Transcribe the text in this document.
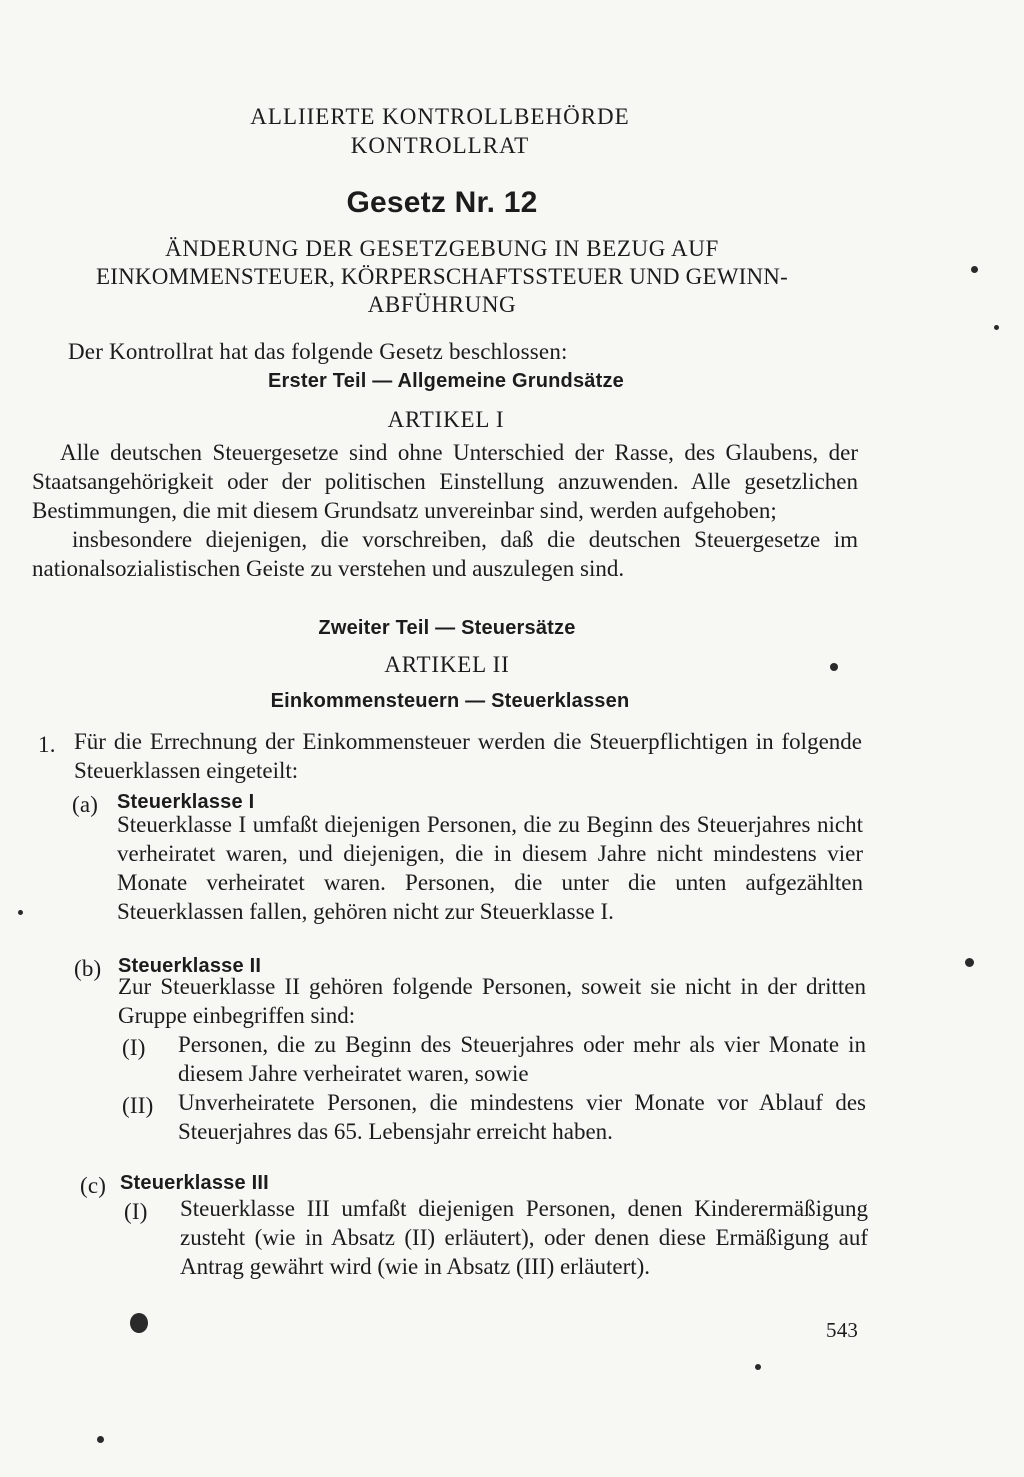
ALLIIERTE KONTROLLBEHÖRDE
KONTROLLRAT
Gesetz Nr. 12
ÄNDERUNG DER GESETZGEBUNG IN BEZUG AUF
EINKOMMENSTEUER, KÖRPERSCHAFTSSTEUER UND GEWINN-
ABFÜHRUNG
Der Kontrollrat hat das folgende Gesetz beschlossen:
Erster Teil — Allgemeine Grundsätze
ARTIKEL I

Alle deutschen Steuergesetze sind ohne Unterschied der Rasse, des Glaubens, der Staatsangehörigkeit oder der politischen Einstellung anzuwenden. Alle gesetzlichen Bestimmungen, die mit diesem Grundsatz unvereinbar sind, werden aufgehoben;

insbesondere diejenigen, die vorschreiben, daß die deutschen Steuergesetze im nationalsozialistischen Geiste zu verstehen und auszulegen sind.

Zweiter Teil — Steuersätze
ARTIKEL II
Einkommensteuern — Steuerklassen
1. Für die Errechnung der Einkommensteuer werden die Steuerpflichtigen in folgende Steuerklassen eingeteilt:
(a) Steuerklasse I
Steuerklasse I umfaßt diejenigen Personen, die zu Beginn des Steuerjahres nicht verheiratet waren, und diejenigen, die in diesem Jahre nicht mindestens vier Monate verheiratet waren. Personen, die unter die unten aufgezählten Steuerklassen fallen, gehören nicht zur Steuerklasse I.
(b) Steuerklasse II
Zur Steuerklasse II gehören folgende Personen, soweit sie nicht in der dritten Gruppe einbegriffen sind:
(I) Personen, die zu Beginn des Steuerjahres oder mehr als vier Monate in diesem Jahre verheiratet waren, sowie
(II) Unverheiratete Personen, die mindestens vier Monate vor Ablauf des Steuerjahres das 65. Lebensjahr erreicht haben.
(c) Steuerklasse III
(I) Steuerklasse III umfaßt diejenigen Personen, denen Kinderermäßigung zusteht (wie in Absatz (II) erläutert), oder denen diese Ermäßigung auf Antrag gewährt wird (wie in Absatz (III) erläutert).
543
